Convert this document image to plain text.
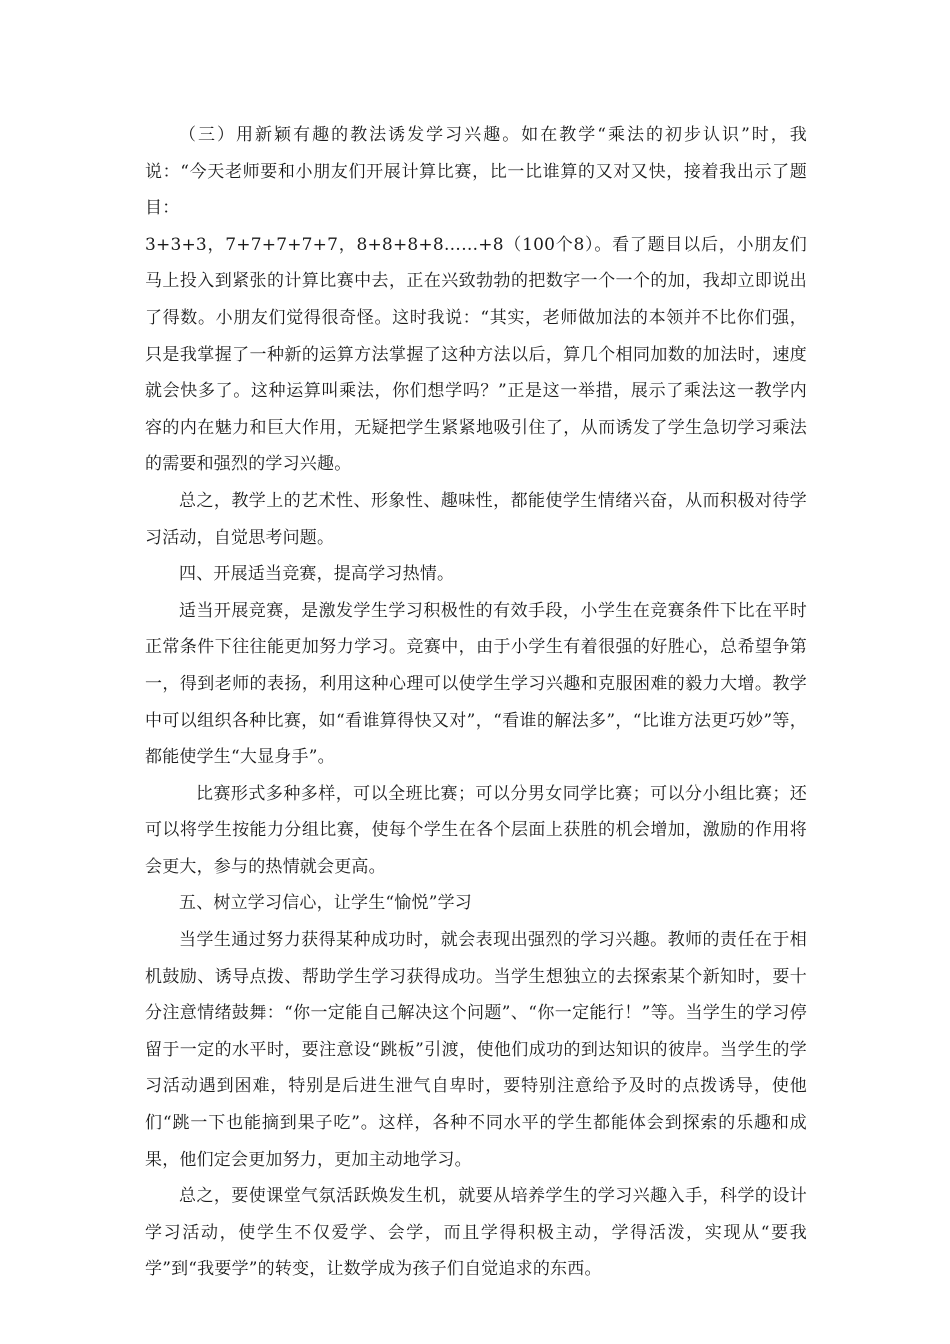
（三）用新颖有趣的教法诱发学习兴趣。如在教学“乘法的初步认识”时，我说：“今天老师要和小朋友们开展计算比赛，比一比谁算的又对又快，接着我出示了题目：

3+3+3，7+7+7+7+7，8+8+8+8……+8（100个8）。看了题目以后，小朋友们马上投入到紧张的计算比赛中去，正在兴致勃勃的把数字一个一个的加，我却立即说出了得数。小朋友们觉得很奇怪。这时我说：“其实，老师做加法的本领并不比你们强，只是我掌握了一种新的运算方法掌握了这种方法以后，算几个相同加数的加法时，速度就会快多了。这种运算叫乘法，你们想学吗？”正是这一举措，展示了乘法这一教学内容的内在魅力和巨大作用，无疑把学生紧紧地吸引住了，从而诱发了学生急切学习乘法的需要和强烈的学习兴趣。

总之，教学上的艺术性、形象性、趣味性，都能使学生情绪兴奋，从而积极对待学习活动，自觉思考问题。

四、开展适当竞赛，提高学习热情。

适当开展竞赛，是激发学生学习积极性的有效手段，小学生在竞赛条件下比在平时正常条件下往往能更加努力学习。竞赛中，由于小学生有着很强的好胜心，总希望争第一，得到老师的表扬，利用这种心理可以使学生学习兴趣和克服困难的毅力大增。教学中可以组织各种比赛，如“看谁算得快又对”，“看谁的解法多”，“比谁方法更巧妙”等，都能使学生“大显身手”。

比赛形式多种多样，可以全班比赛；可以分男女同学比赛；可以分小组比赛；还可以将学生按能力分组比赛，使每个学生在各个层面上获胜的机会增加，激励的作用将会更大，参与的热情就会更高。

五、树立学习信心，让学生“愉悦”学习

当学生通过努力获得某种成功时，就会表现出强烈的学习兴趣。教师的责任在于相机鼓励、诱导点拨、帮助学生学习获得成功。当学生想独立的去探索某个新知时，要十分注意情绪鼓舞：“你一定能自己解决这个问题”、“你一定能行！”等。当学生的学习停留于一定的水平时，要注意设“跳板”引渡，使他们成功的到达知识的彼岸。当学生的学习活动遇到困难，特别是后进生泄气自卑时，要特别注意给予及时的点拨诱导，使他们“跳一下也能摘到果子吃”。这样，各种不同水平的学生都能体会到探索的乐趣和成果，他们定会更加努力，更加主动地学习。

总之，要使课堂气氛活跃焕发生机，就要从培养学生的学习兴趣入手，科学的设计学习活动，使学生不仅爱学、会学，而且学得积极主动，学得活泼，实现从“要我学”到“我要学”的转变，让数学成为孩子们自觉追求的东西。
